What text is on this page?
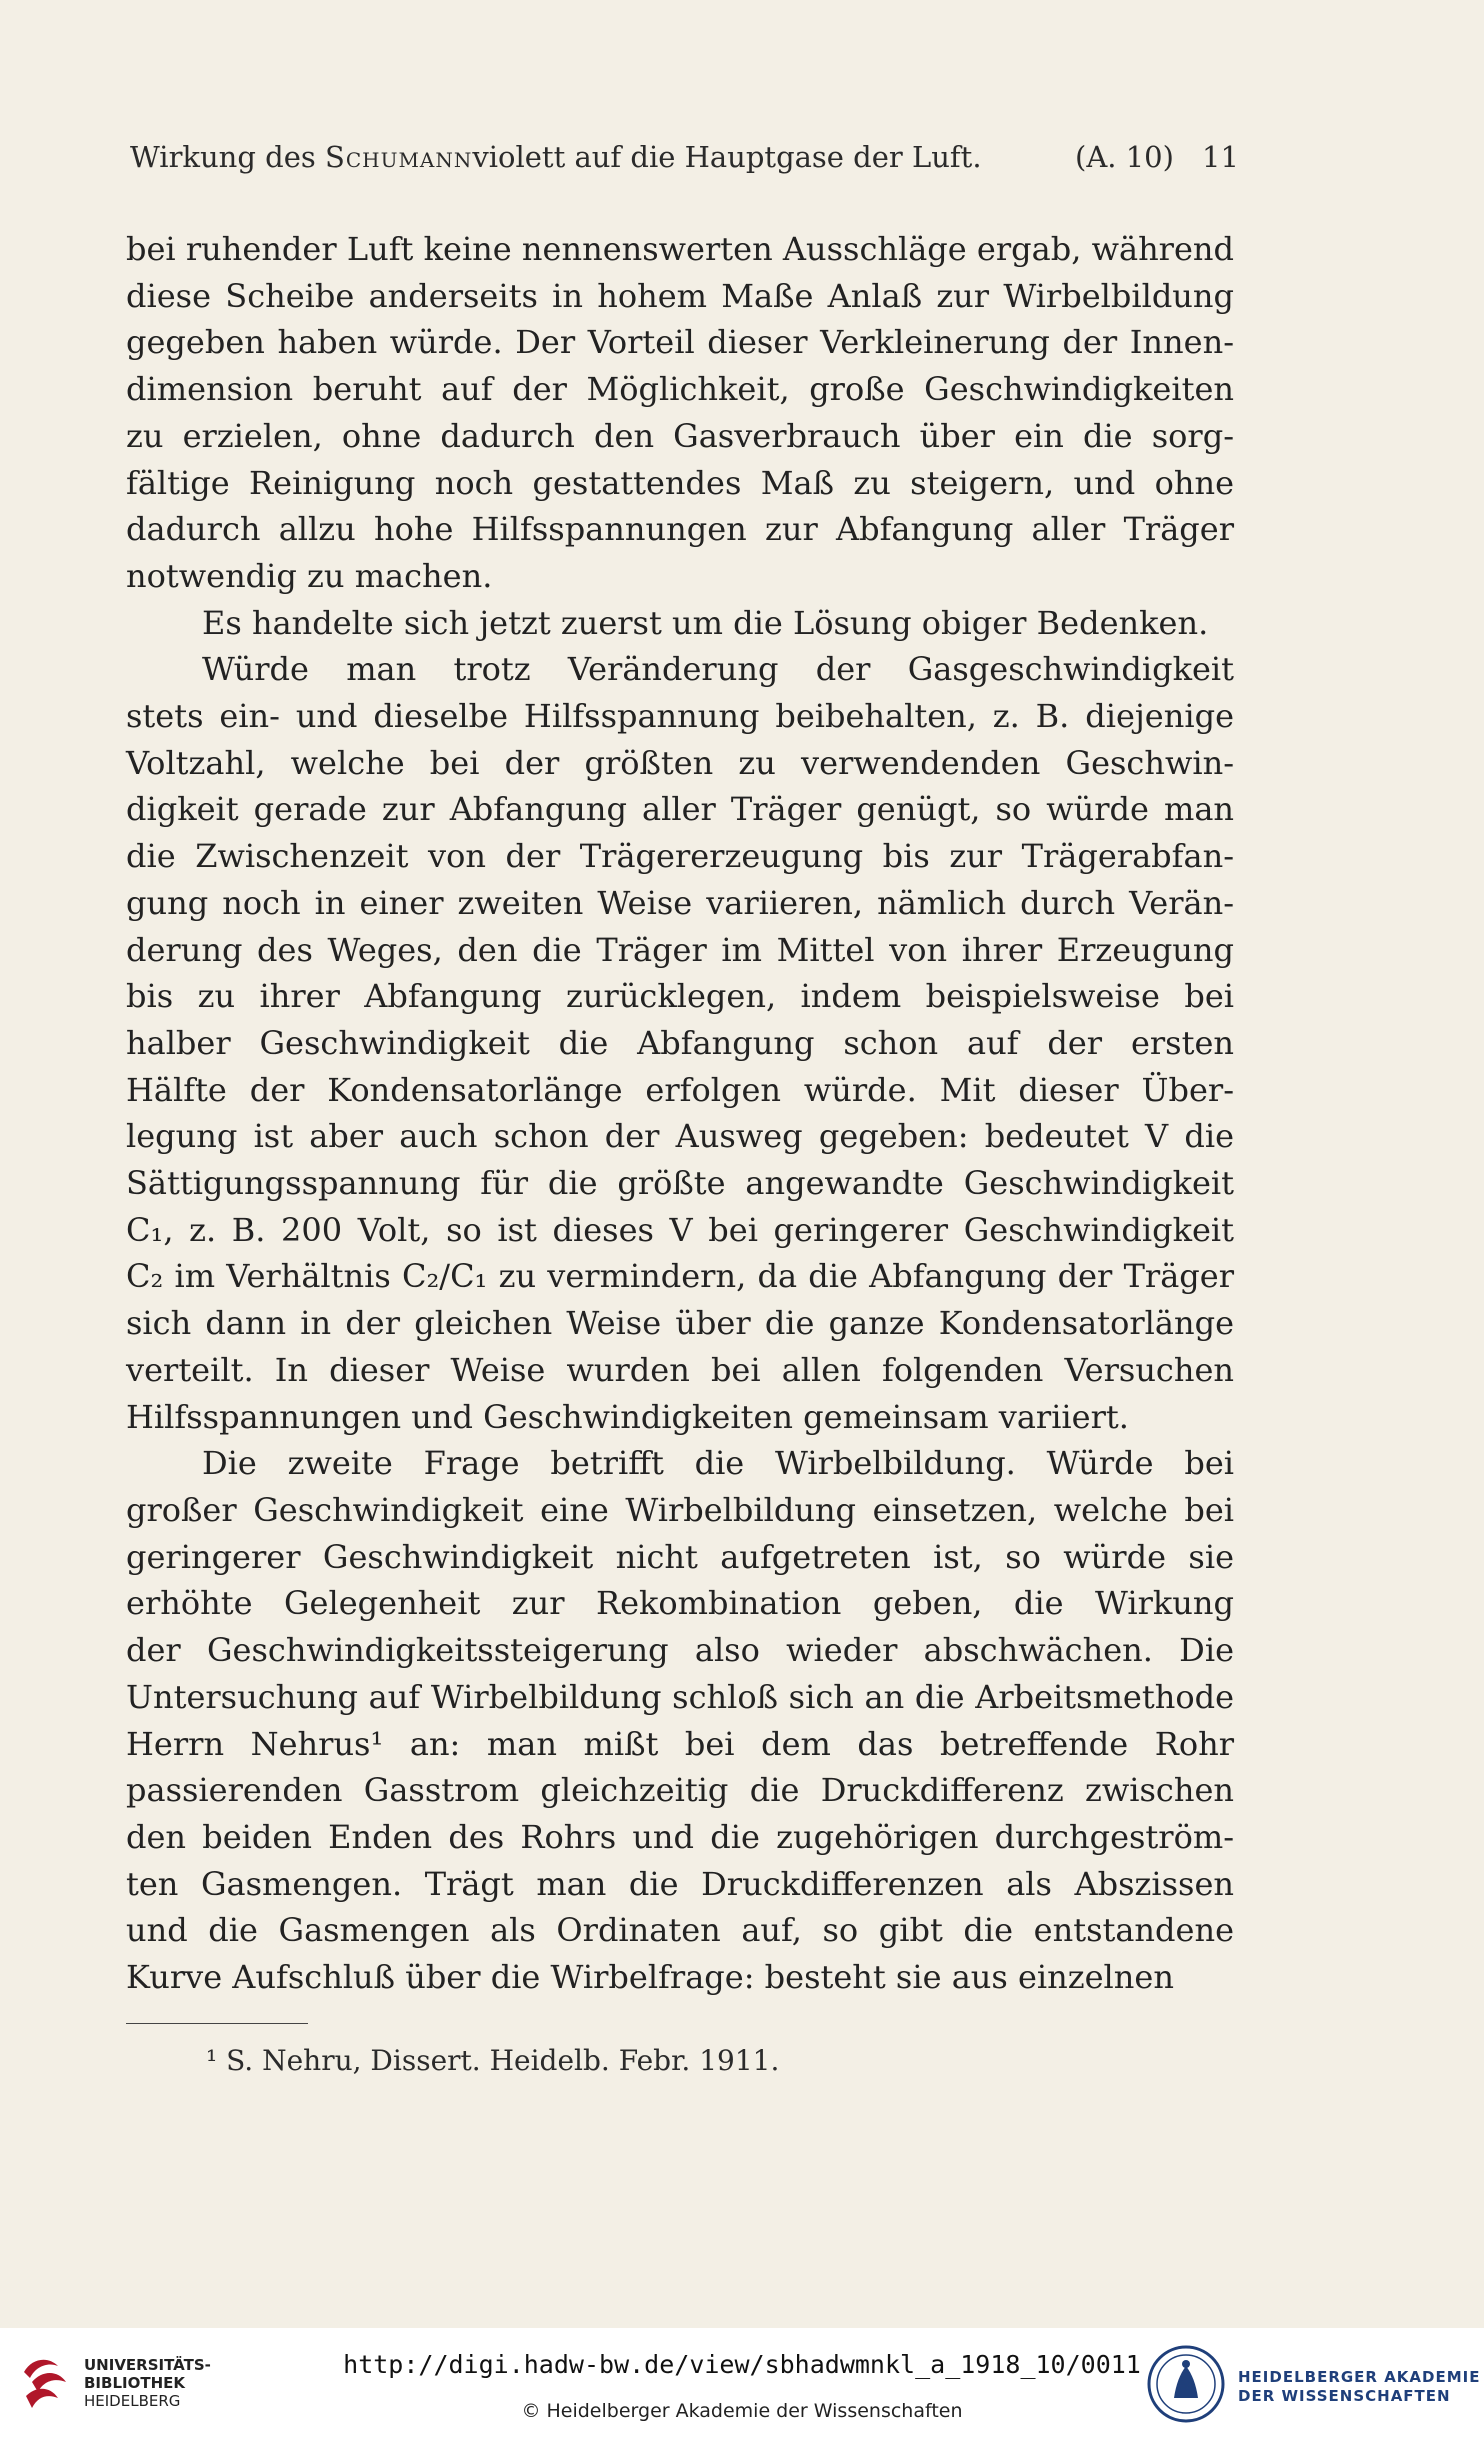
Wirkung des Schumannviolett auf die Hauptgase der Luft.	(A. 10) 11

bei ruhender Luft keine nennenswerten Ausschläge ergab, während

diese Scheibe anderseits in hohem Maße Anlaß zur Wirbelbildung

gegeben haben würde. Der Vorteil dieser Verkleinerung der Innen-

dimension beruht auf der Möglichkeit, große Geschwindigkeiten

zu erzielen, ohne dadurch den Gasverbrauch über ein die sorg-

fältige Reinigung noch gestattendes Maß zu steigern, und ohne

dadurch allzu hohe Hilfsspannungen zur Abfangung aller Träger

notwendig zu machen.

Es handelte sich jetzt zuerst um die Lösung obiger Bedenken.

Würde man trotz Veränderung der Gasgeschwindigkeit

stets ein- und dieselbe Hilfsspannung beibehalten, z. B. diejenige

Voltzahl, welche bei der größten zu verwendenden Geschwin-

digkeit gerade zur Abfangung aller Träger genügt, so würde man

die Zwischenzeit von der Trägererzeugung bis zur Trägerabfan-

gung noch in einer zweiten Weise variieren, nämlich durch Verän-

derung des Weges, den die Träger im Mittel von ihrer Erzeugung

bis zu ihrer Abfangung zurücklegen, indem beispielsweise bei

halber Geschwindigkeit die Abfangung schon auf der ersten

Hälfte der Kondensatorlänge erfolgen würde. Mit dieser Über-

legung ist aber auch schon der Ausweg gegeben: bedeutet V die

Sättigungsspannung für die größte angewandte Geschwindigkeit

C₁, z. B. 200 Volt, so ist dieses V bei geringerer Geschwindigkeit

C₂ im Verhältnis C₂/C₁ zu vermindern, da die Abfangung der Träger

sich dann in der gleichen Weise über die ganze Kondensatorlänge

verteilt. In dieser Weise wurden bei allen folgenden Versuchen

Hilfsspannungen und Geschwindigkeiten gemeinsam variiert.

Die zweite Frage betrifft die Wirbelbildung. Würde bei

großer Geschwindigkeit eine Wirbelbildung einsetzen, welche bei

geringerer Geschwindigkeit nicht aufgetreten ist, so würde sie

erhöhte Gelegenheit zur Rekombination geben, die Wirkung

der Geschwindigkeitssteigerung also wieder abschwächen. Die

Untersuchung auf Wirbelbildung schloß sich an die Arbeitsmethode

Herrn Nehrus¹ an: man mißt bei dem das betreffende Rohr

passierenden Gasstrom gleichzeitig die Druckdifferenz zwischen

den beiden Enden des Rohrs und die zugehörigen durchgeström-

ten Gasmengen. Trägt man die Druckdifferenzen als Abszissen

und die Gasmengen als Ordinaten auf, so gibt die entstandene

Kurve Aufschluß über die Wirbelfrage: besteht sie aus einzelnen

¹ S. Nehru, Dissert. Heidelb. Febr. 1911.
UNIVERSITÄTS-
BIBLIOTHEK
HEIDELBERG
http://digi.hadw-bw.de/view/sbhadwmnkl_a_1918_10/0011
© Heidelberger Akademie der Wissenschaften
HEIDELBERGER AKADEMIE
DER WISSENSCHAFTEN
